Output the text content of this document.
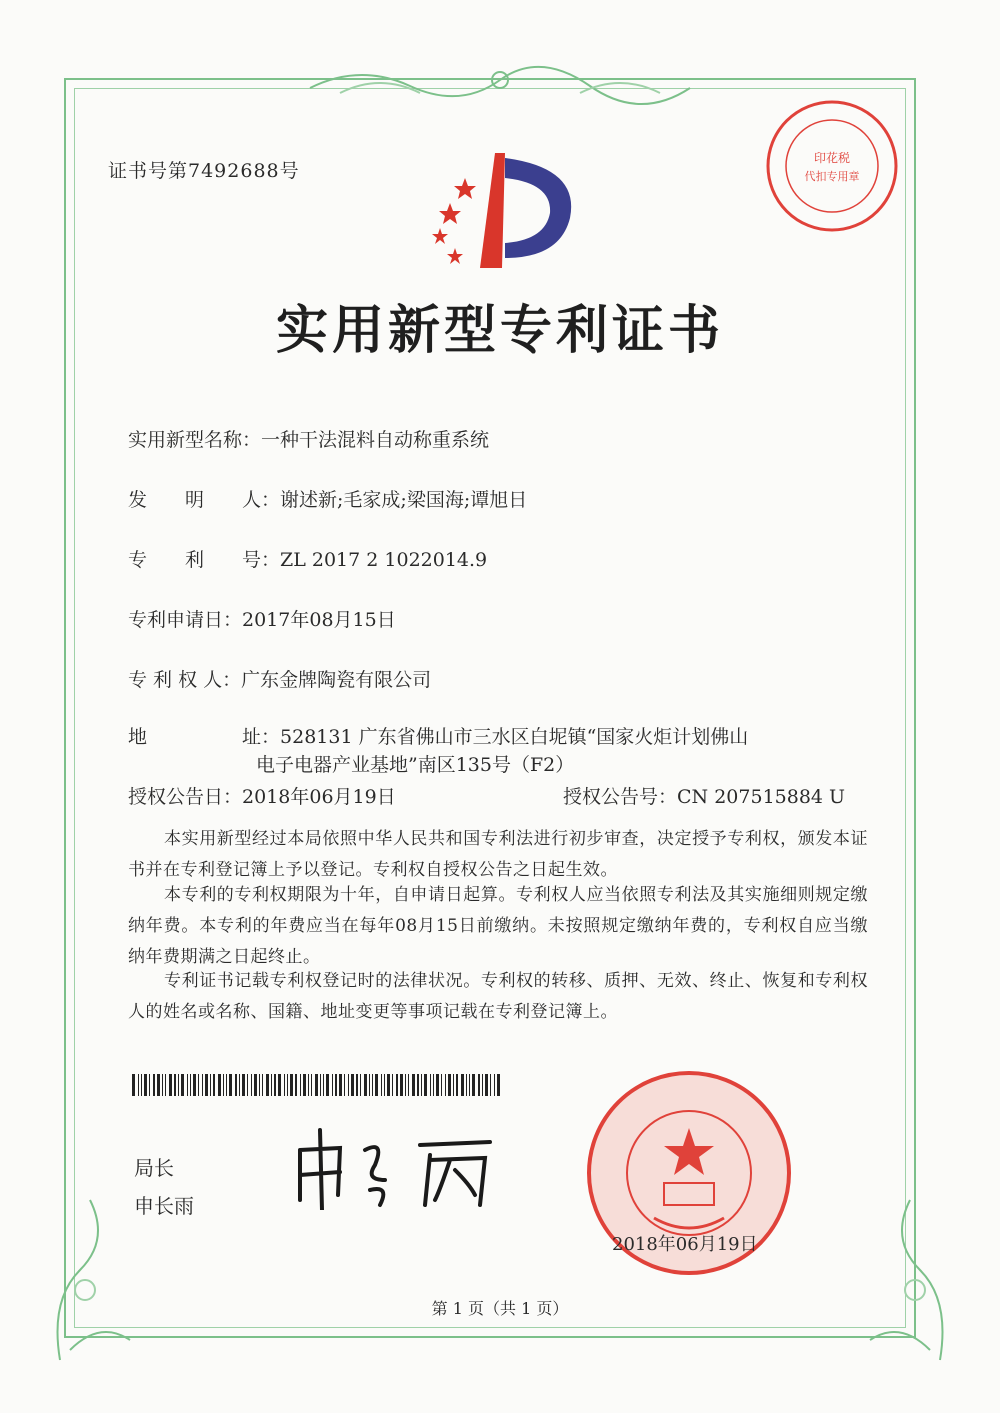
证书号第7492688号
印花税
代扣专用章
实用新型专利证书
实用新型名称：一种干法混料自动称重系统
发　　明　　人：谢述新;毛家成;梁国海;谭旭日
专　　利　　号：ZL 2017 2 1022014.9
专利申请日：2017年08月15日
专 利 权 人：广东金牌陶瓷有限公司
地　　　　　址：528131 广东省佛山市三水区白坭镇“国家火炬计划佛山
电子电器产业基地”南区135号（F2）
授权公告日：2018年06月19日	授权公告号：CN 207515884 U
本实用新型经过本局依照中华人民共和国专利法进行初步审查，决定授予专利权，颁发本证书并在专利登记簿上予以登记。专利权自授权公告之日起生效。
本专利的专利权期限为十年，自申请日起算。专利权人应当依照专利法及其实施细则规定缴纳年费。本专利的年费应当在每年08月15日前缴纳。未按照规定缴纳年费的，专利权自应当缴纳年费期满之日起终止。
专利证书记载专利权登记时的法律状况。专利权的转移、质押、无效、终止、恢复和专利权人的姓名或名称、国籍、地址变更等事项记载在专利登记簿上。
局长
申长雨
2018年06月19日
第 1 页（共 1 页）
